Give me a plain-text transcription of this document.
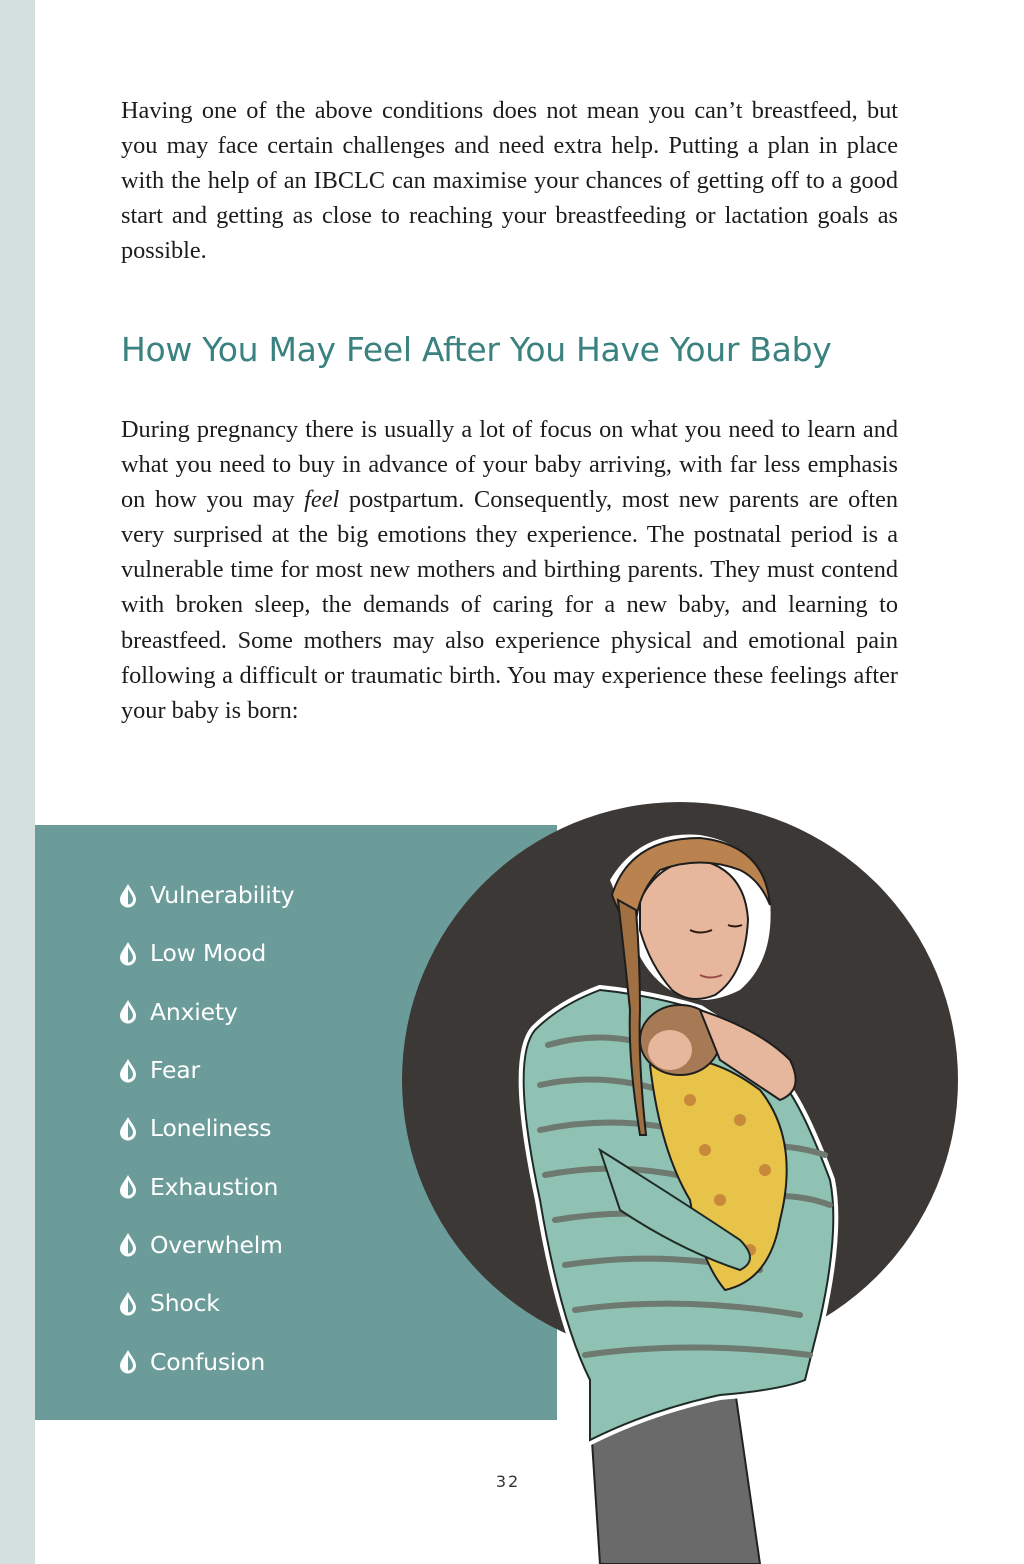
Having one of the above conditions does not mean you can’t breastfeed, but you may face certain challenges and need extra help. Putting a plan in place with the help of an IBCLC can maximise your chances of getting off to a good start and getting as close to reaching your breastfeeding or lactation goals as possible.

How You May Feel After You Have Your Baby

During pregnancy there is usually a lot of focus on what you need to learn and what you need to buy in advance of your baby arriving, with far less emphasis on how you may feel postpartum. Consequently, most new parents are often very surprised at the big emotions they experience. The postnatal period is a vulnerable time for most new mothers and birthing parents. They must contend with broken sleep, the demands of caring for a new baby, and learning to breastfeed. Some mothers may also experience physical and emotional pain following a difficult or traumatic birth. You may experience these feelings after your baby is born:

Vulnerability
Low Mood
Anxiety
Fear
Loneliness
Exhaustion
Overwhelm
Shock
Confusion
32
